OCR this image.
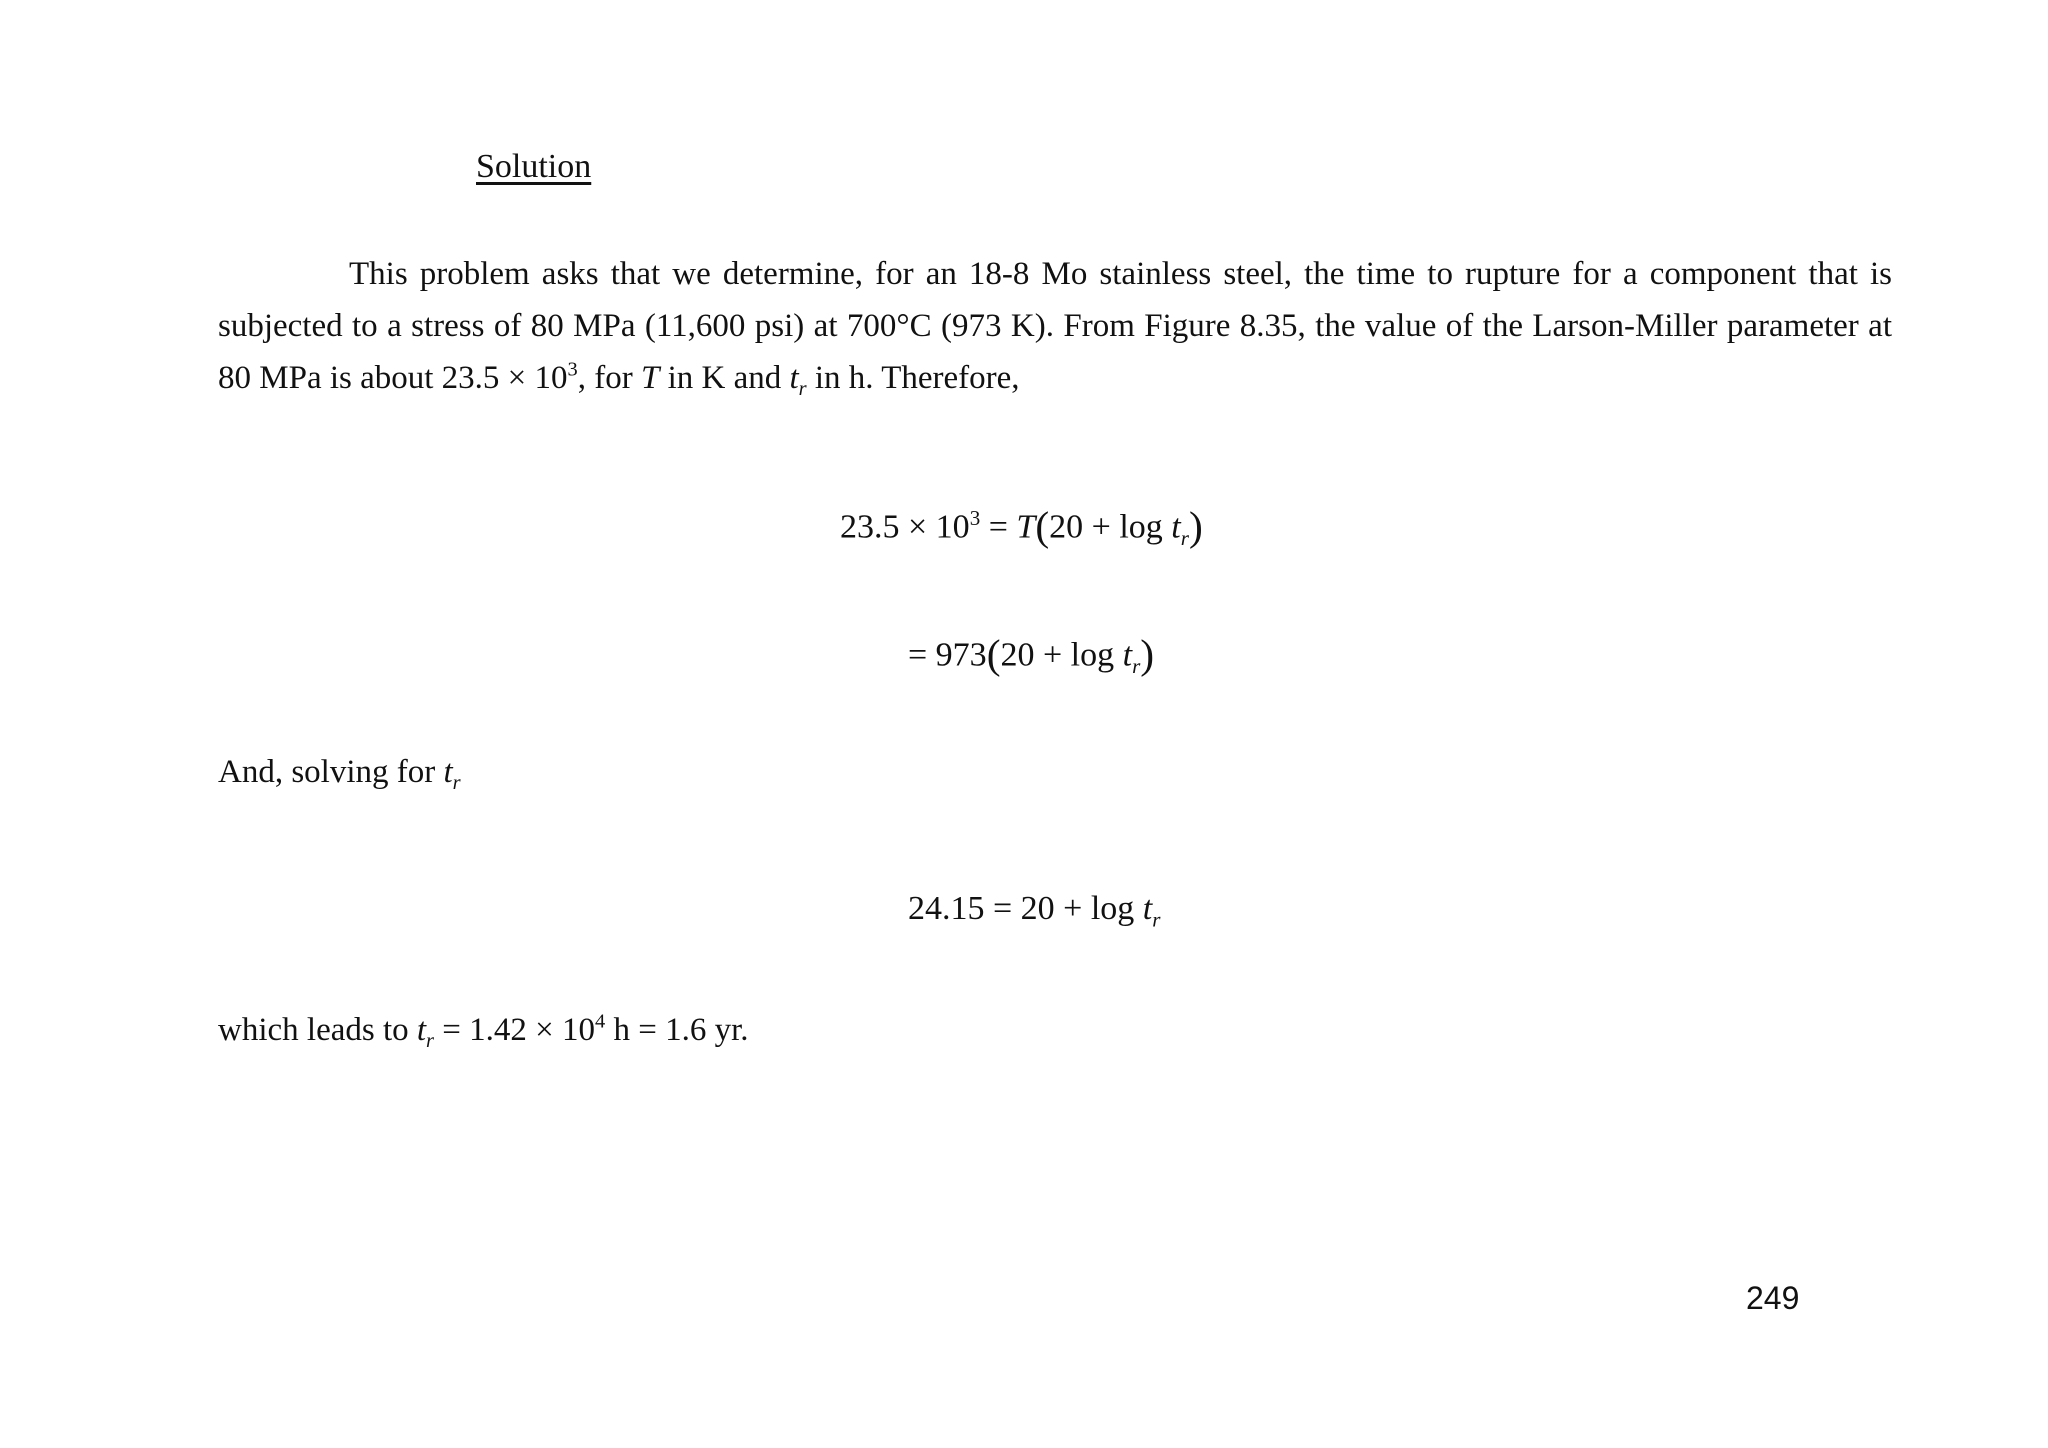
Solution
This problem asks that we determine, for an 18-8 Mo stainless steel, the time to rupture for a component that is subjected to a stress of 80 MPa (11,600 psi) at 700°C (973 K). From Figure 8.35, the value of the Larson-Miller parameter at 80 MPa is about $23.5 \times 10^3$, for T in K and $t_r$ in h. Therefore,
$23.5 \times 10^3 = T(20 + \log t_r)$
= $973(20 + \log t_r)$
And, solving for $t_r$
$24.15 = 20 + \log t_r$
which leads to $t_r = 1.42 \times 10^4$ h = 1.6 yr.
249
